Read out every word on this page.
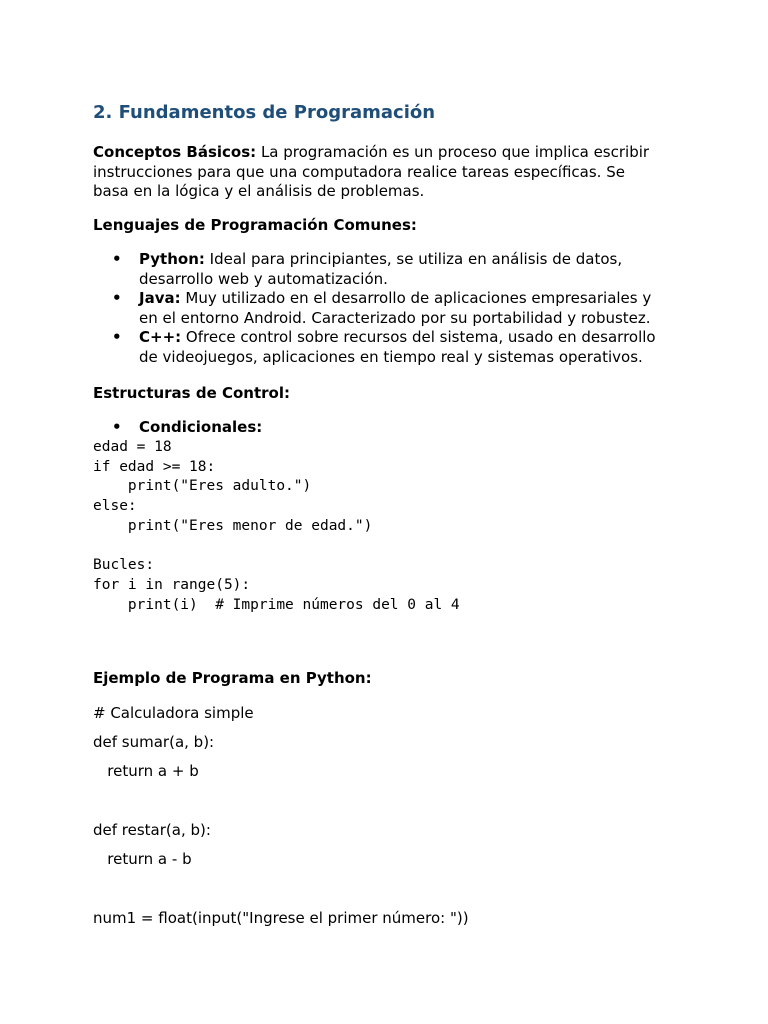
2. Fundamentos de Programación
Conceptos Básicos: La programación es un proceso que implica escribir
instrucciones para que una computadora realice tareas específicas. Se
basa en la lógica y el análisis de problemas.
Lenguajes de Programación Comunes:
• Python: Ideal para principiantes, se utiliza en análisis de datos,
desarrollo web y automatización.
• Java: Muy utilizado en el desarrollo de aplicaciones empresariales y
en el entorno Android. Caracterizado por su portabilidad y robustez.
• C++: Ofrece control sobre recursos del sistema, usado en desarrollo
de videojuegos, aplicaciones en tiempo real y sistemas operativos.
Estructuras de Control:
• Condicionales:
edad = 18
if edad >= 18:
print("Eres adulto.")
else:
print("Eres menor de edad.")

Bucles:
for i in range(5):
print(i)  # Imprime números del 0 al 4
Ejemplo de Programa en Python:
# Calculadora simple
def sumar(a, b):
return a + b
def restar(a, b):
return a - b
num1 = float(input("Ingrese el primer número: "))
